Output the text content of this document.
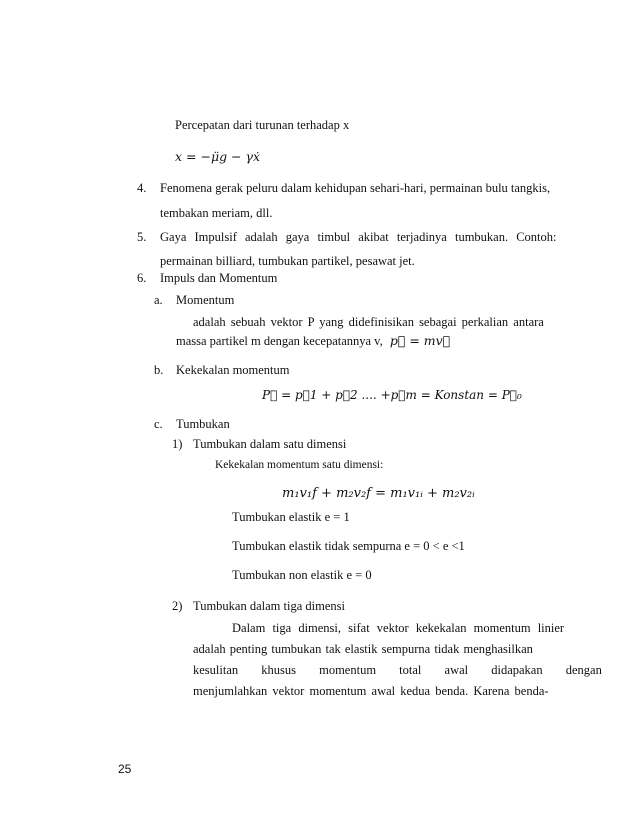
Percepatan dari turunan terhadap x
x = −μ̈g − γẋ
4. Fenomena gerak peluru dalam kehidupan sehari-hari, permainan bulu tangkis,
tembakan meriam, dll.
5. Gaya Impulsif adalah gaya timbul akibat terjadinya tumbukan. Contoh:
permainan billiard, tumbukan partikel, pesawat jet.
6. Impuls dan Momentum
a. Momentum
adalah sebuah vektor P yang didefinisikan sebagai perkalian antara
massa partikel m dengan kecepatannya v, p⃗ = mv⃗
b. Kekekalan momentum
P⃗ = p⃗1 + p⃗2 .... +p⃗m = Konstan = P⃗₀
c. Tumbukan
1) Tumbukan dalam satu dimensi
Kekekalan momentum satu dimensi:
m₁v₁f + m₂v₂f = m₁v₁ᵢ + m₂v₂ᵢ
Tumbukan elastik e = 1
Tumbukan elastik tidak sempurna e = 0 < e <1
Tumbukan non elastik e = 0
2) Tumbukan dalam tiga dimensi
Dalam tiga dimensi, sifat vektor kekekalan momentum linier
adalah penting tumbukan tak elastik sempurna tidak menghasilkan
kesulitan khusus momentum total awal didapakan dengan
menjumlahkan vektor momentum awal kedua benda. Karena benda-
25
